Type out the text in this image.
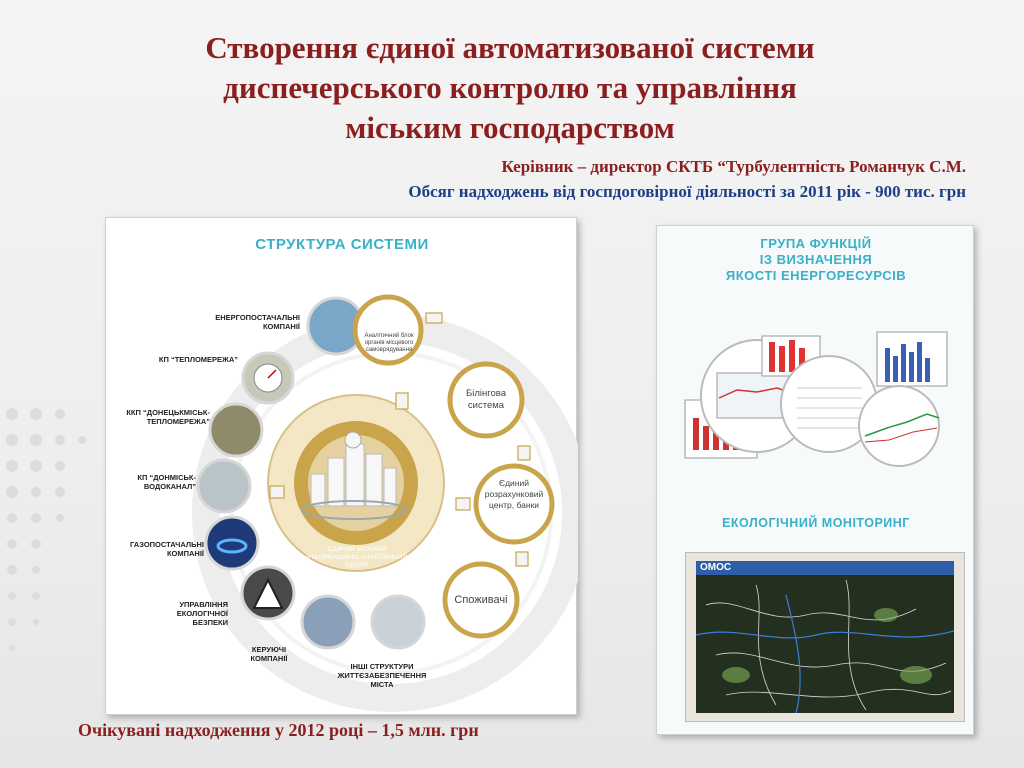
Створення єдиної автоматизованої системи
диспечерського контролю та управління
міським господарством
Керівник – директор СКТБ “Турбулентність Романчук С.М.
Обсяг надходжень від госпдоговірної діяльності за 2011 рік - 900 тис. грн
СТРУКТУРА СИСТЕМИ
ЕНЕРГОПОСТАЧАЛЬНІ КОМПАНІЇ
КП “ТЕПЛОМЕРЕЖА”
ККП “ДОНЕЦЬКМІСЬК- ТЕПЛОМЕРЕЖА”
КП “ДОНМІСЬК- ВОДОКАНАЛ”
ГАЗОПОСТАЧАЛЬНІ КОМПАНІЇ
УПРАВЛІННЯ ЕКОЛОГІЧНОЇ БЕЗПЕКИ
КЕРУЮЧІ КОМПАНІЇ
ІНШІ СТРУКТУРИ ЖИТТЄЗАБЕЗПЕЧЕННЯ МІСТА
Аналітичний блок органів місцевого самоврядування
Білінгова система
Єдиний розрахунковий центр, банки
Споживачі
ЄДИНИЙ МІСЬКИЙ ІНФОРМАЦІЙНО-АНАЛІТИЧНИЙ ЦЕНТР
ГРУПА ФУНКЦІЙ
ІЗ ВИЗНАЧЕННЯ
ЯКОСТІ ЕНЕРГОРЕСУРСІВ
ЕКОЛОГІЧНИЙ МОНІТОРИНГ
OMOC
Очікувані надходження у 2012 році – 1,5 млн. грн
